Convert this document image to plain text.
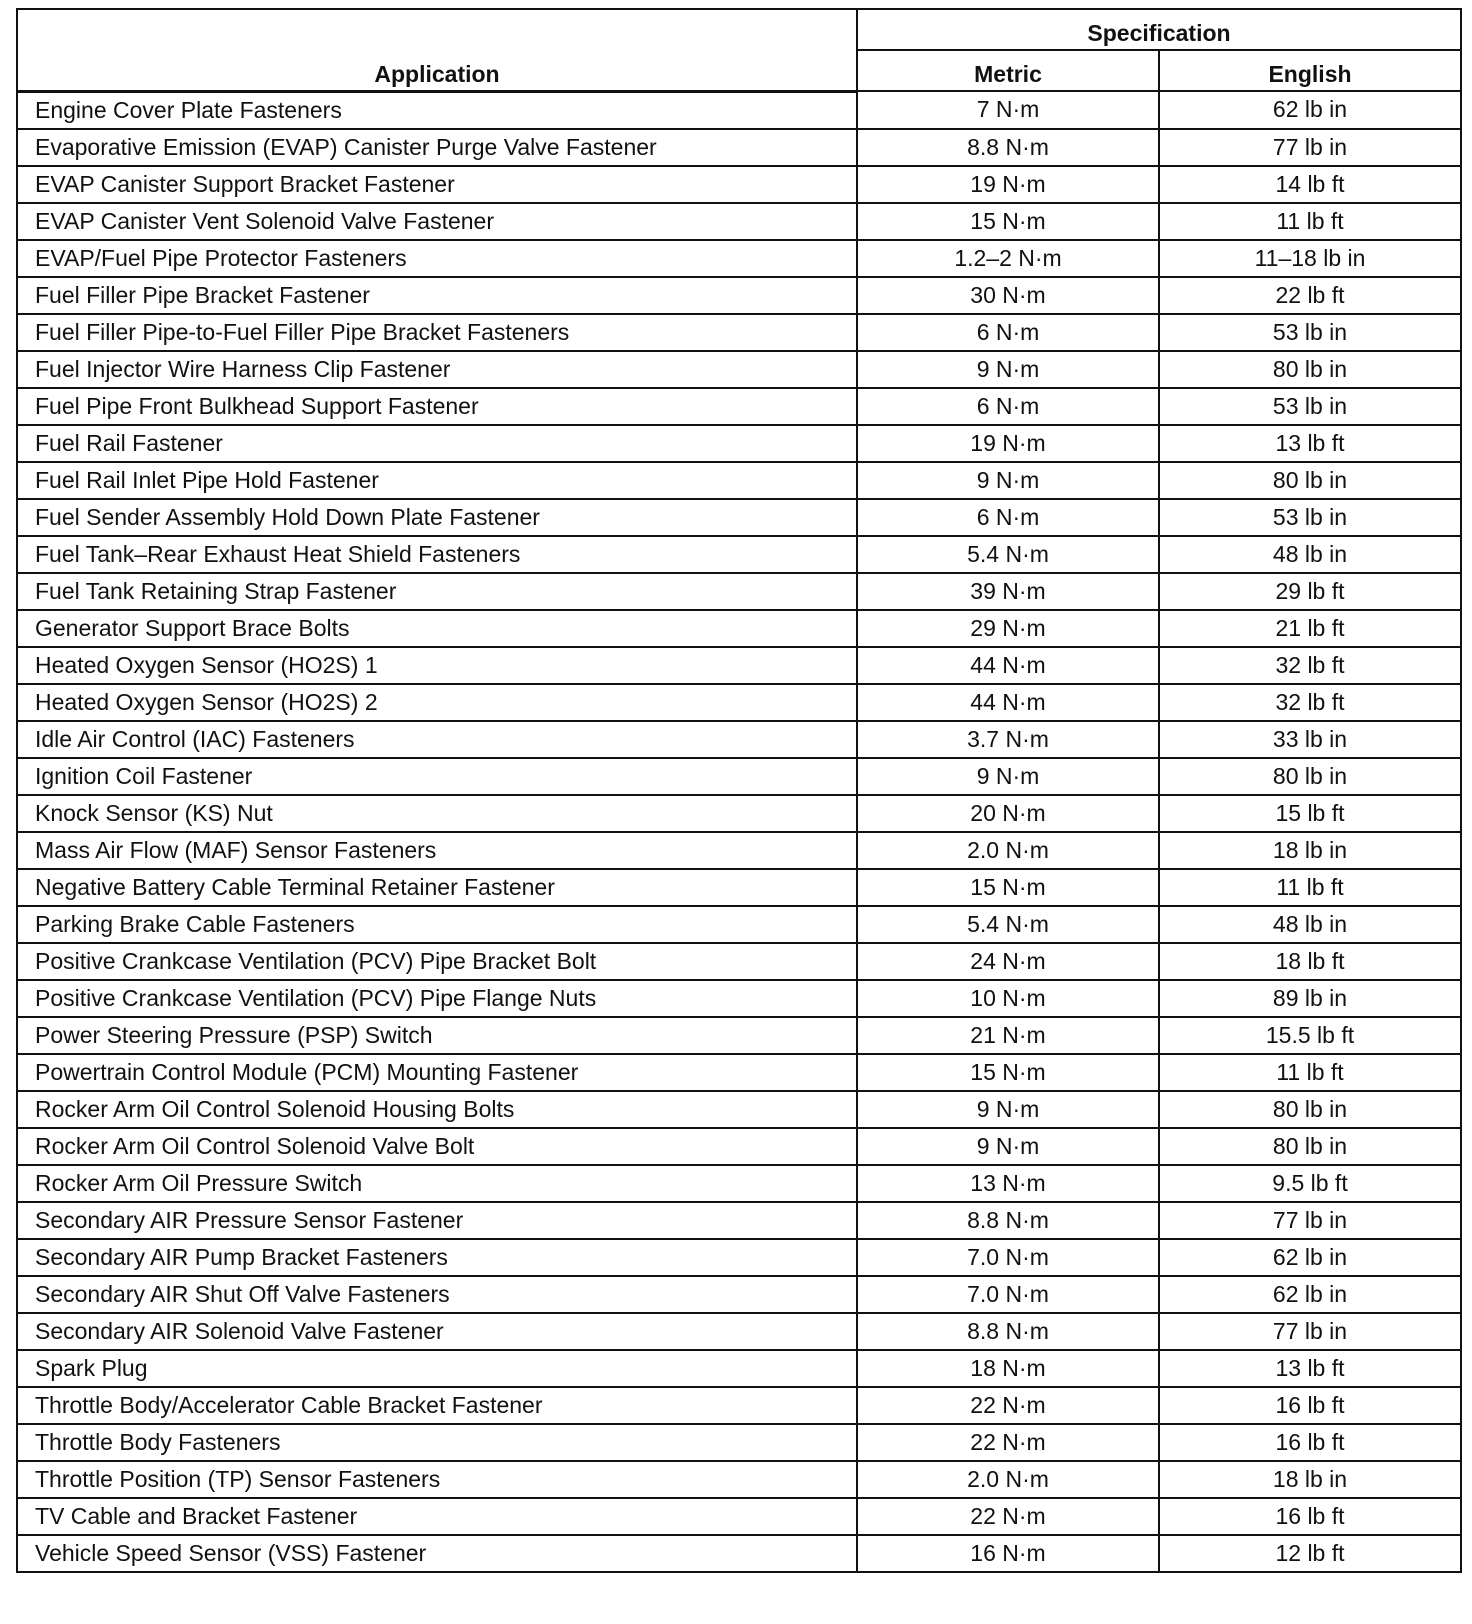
Application	Specification	
	Metric	English
Engine Cover Plate Fasteners	7 N·m	62 lb in
Evaporative Emission (EVAP) Canister Purge Valve Fastener	8.8 N·m	77 lb in
EVAP Canister Support Bracket Fastener	19 N·m	14 lb ft
EVAP Canister Vent Solenoid Valve Fastener	15 N·m	11 lb ft
EVAP/Fuel Pipe Protector Fasteners	1.2–2 N·m	11–18 lb in
Fuel Filler Pipe Bracket Fastener	30 N·m	22 lb ft
Fuel Filler Pipe-to-Fuel Filler Pipe Bracket Fasteners	6 N·m	53 lb in
Fuel Injector Wire Harness Clip Fastener	9 N·m	80 lb in
Fuel Pipe Front Bulkhead Support Fastener	6 N·m	53 lb in
Fuel Rail Fastener	19 N·m	13 lb ft
Fuel Rail Inlet Pipe Hold Fastener	9 N·m	80 lb in
Fuel Sender Assembly Hold Down Plate Fastener	6 N·m	53 lb in
Fuel Tank–Rear Exhaust Heat Shield Fasteners	5.4 N·m	48 lb in
Fuel Tank Retaining Strap Fastener	39 N·m	29 lb ft
Generator Support Brace Bolts	29 N·m	21 lb ft
Heated Oxygen Sensor (HO2S) 1	44 N·m	32 lb ft
Heated Oxygen Sensor (HO2S) 2	44 N·m	32 lb ft
Idle Air Control (IAC) Fasteners	3.7 N·m	33 lb in
Ignition Coil Fastener	9 N·m	80 lb in
Knock Sensor (KS) Nut	20 N·m	15 lb ft
Mass Air Flow (MAF) Sensor Fasteners	2.0 N·m	18 lb in
Negative Battery Cable Terminal Retainer Fastener	15 N·m	11 lb ft
Parking Brake Cable Fasteners	5.4 N·m	48 lb in
Positive Crankcase Ventilation (PCV) Pipe Bracket Bolt	24 N·m	18 lb ft
Positive Crankcase Ventilation (PCV) Pipe Flange Nuts	10 N·m	89 lb in
Power Steering Pressure (PSP) Switch	21 N·m	15.5 lb ft
Powertrain Control Module (PCM) Mounting Fastener	15 N·m	11 lb ft
Rocker Arm Oil Control Solenoid Housing Bolts	9 N·m	80 lb in
Rocker Arm Oil Control Solenoid Valve Bolt	9 N·m	80 lb in
Rocker Arm Oil Pressure Switch	13 N·m	9.5 lb ft
Secondary AIR Pressure Sensor Fastener	8.8 N·m	77 lb in
Secondary AIR Pump Bracket Fasteners	7.0 N·m	62 lb in
Secondary AIR Shut Off Valve Fasteners	7.0 N·m	62 lb in
Secondary AIR Solenoid Valve Fastener	8.8 N·m	77 lb in
Spark Plug	18 N·m	13 lb ft
Throttle Body/Accelerator Cable Bracket Fastener	22 N·m	16 lb ft
Throttle Body Fasteners	22 N·m	16 lb ft
Throttle Position (TP) Sensor Fasteners	2.0 N·m	18 lb in
TV Cable and Bracket Fastener	22 N·m	16 lb ft
Vehicle Speed Sensor (VSS) Fastener	16 N·m	12 lb ft
